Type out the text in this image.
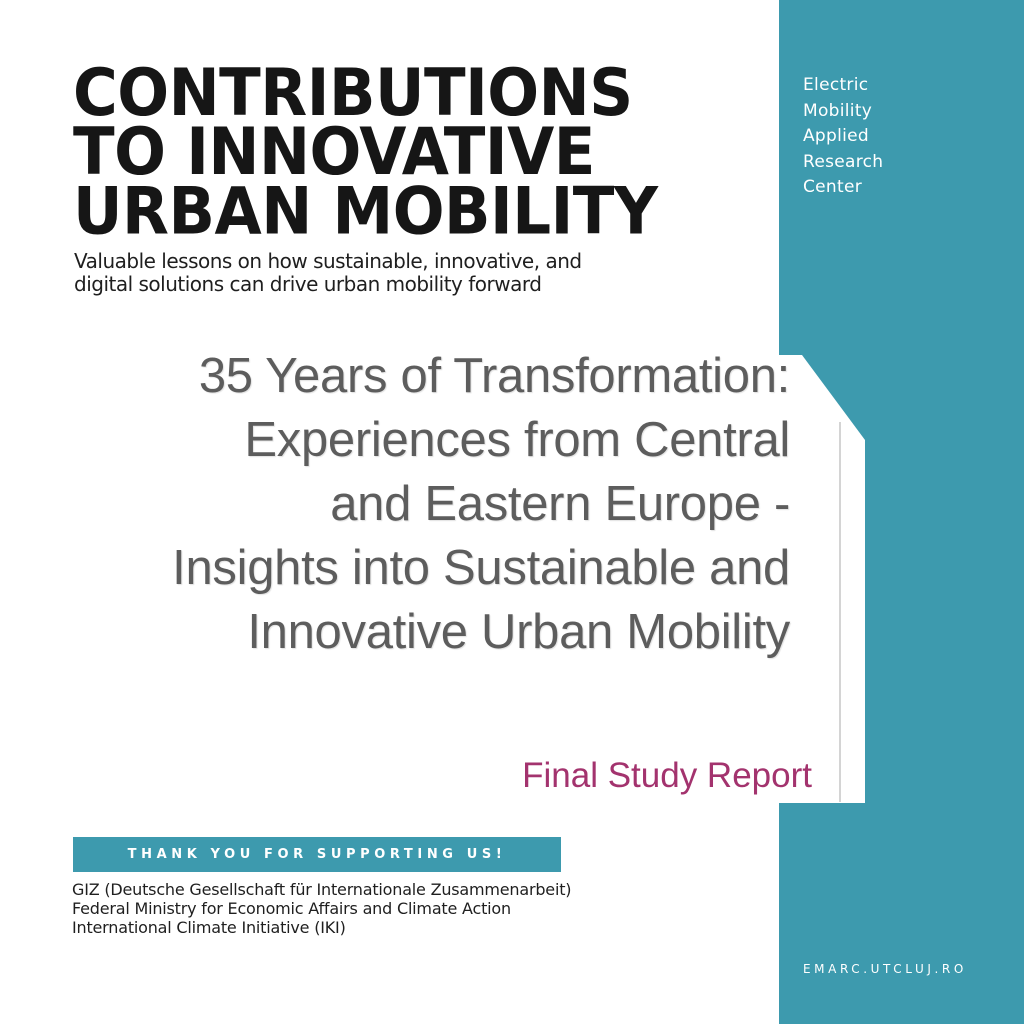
Electric
Mobility
Applied
Research
Center
CONTRIBUTIONS
TO INNOVATIVE
URBAN MOBILITY
Valuable lessons on how sustainable, innovative, and
digital solutions can drive urban mobility forward
35 Years of Transformation:
Experiences from Central
and Eastern Europe -
Insights into Sustainable and
Innovative Urban Mobility
Final Study Report
THANK YOU FOR SUPPORTING US!
GIZ (Deutsche Gesellschaft für Internationale Zusammenarbeit)
Federal Ministry for Economic Affairs and Climate Action
International Climate Initiative (IKI)
EMARC.UTCLUJ.RO
